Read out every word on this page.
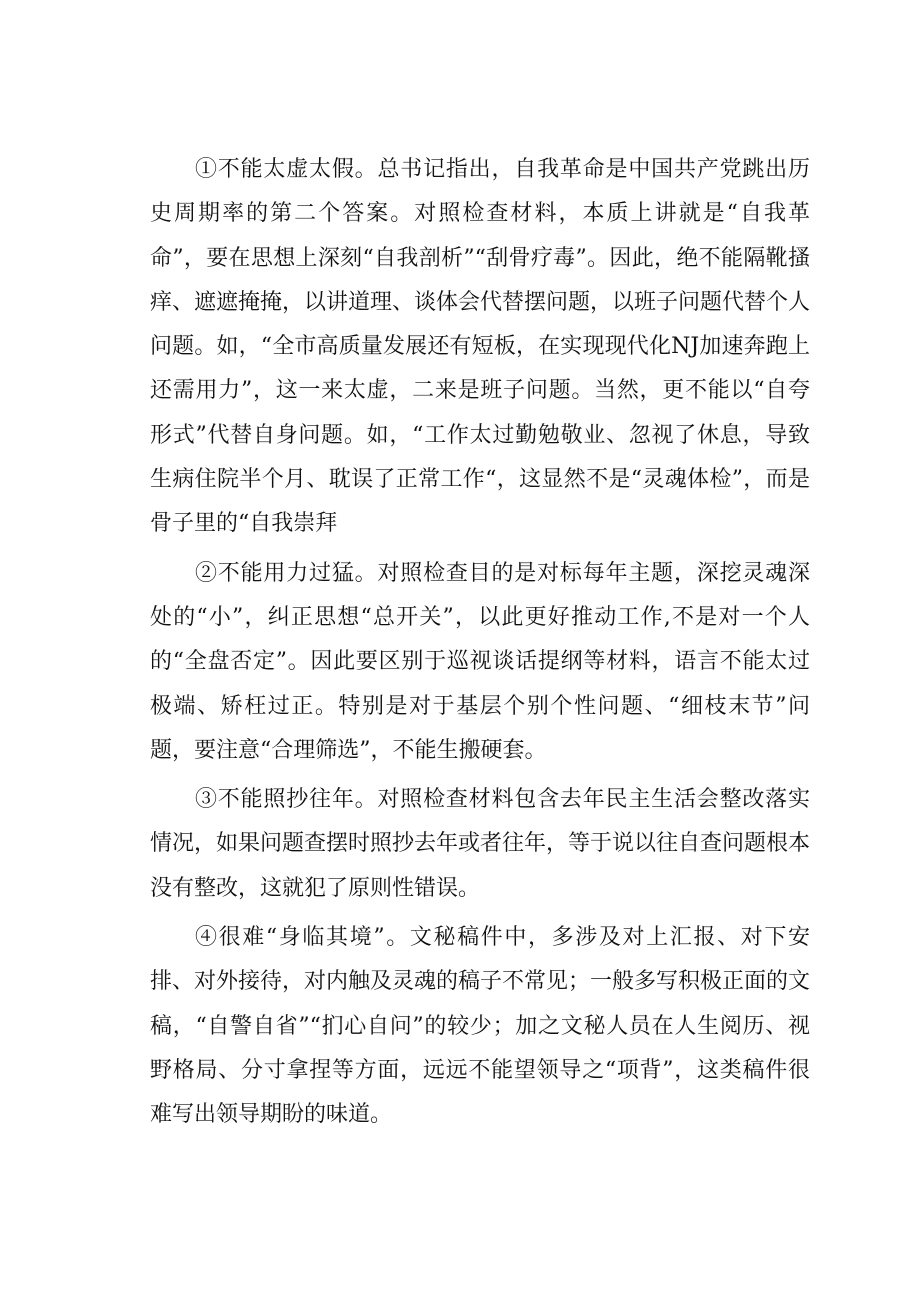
①不能太虚太假。总书记指出，自我革命是中国共产党跳出历史周期率的第二个答案。对照检查材料，本质上讲就是“自我革命”，要在思想上深刻“自我剖析”“刮骨疗毒”。因此，绝不能隔靴搔痒、遮遮掩掩，以讲道理、谈体会代替摆问题，以班子问题代替个人问题。如，“全市高质量发展还有短板，在实现现代化NJ加速奔跑上还需用力”，这一来太虚，二来是班子问题。当然，更不能以“自夸形式”代替自身问题。如，“工作太过勤勉敬业、忽视了休息，导致生病住院半个月、耽误了正常工作“，这显然不是“灵魂体检”，而是骨子里的“自我崇拜

②不能用力过猛。对照检查目的是对标每年主题，深挖灵魂深处的“小”，纠正思想“总开关”，以此更好推动工作,不是对一个人的“全盘否定”。因此要区别于巡视谈话提纲等材料，语言不能太过极端、矫枉过正。特别是对于基层个别个性问题、“细枝末节”问题，要注意“合理筛选”，不能生搬硬套。

③不能照抄往年。对照检查材料包含去年民主生活会整改落实情况，如果问题查摆时照抄去年或者往年，等于说以往自查问题根本没有整改，这就犯了原则性错误。

④很难“身临其境”。文秘稿件中，多涉及对上汇报、对下安排、对外接待，对内触及灵魂的稿子不常见；一般多写积极正面的文稿，“自警自省”“扪心自问”的较少；加之文秘人员在人生阅历、视野格局、分寸拿捏等方面，远远不能望领导之“项背”，这类稿件很难写出领导期盼的味道。
